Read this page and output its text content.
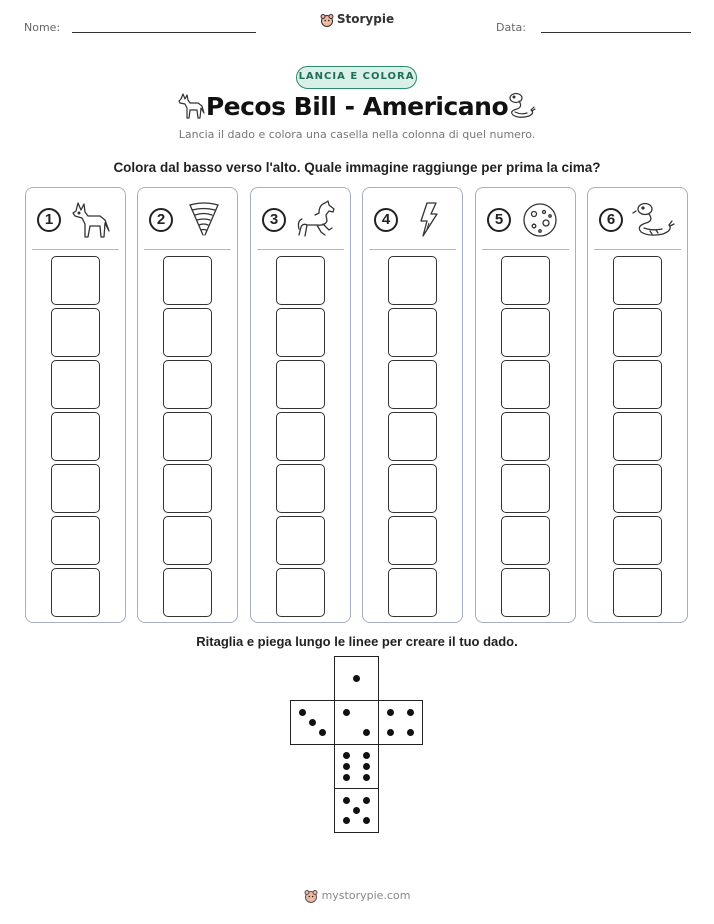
Nome:
Storypie
Data:
LANCIA E COLORA
Pecos Bill - Americano
Lancia il dado e colora una casella nella colonna di quel numero.
Colora dal basso verso l'alto. Quale immagine raggiunge per prima la cima?
1	2	3	4	5	6
Ritaglia e piega lungo le linee per creare il tuo dado.
mystorypie.com
